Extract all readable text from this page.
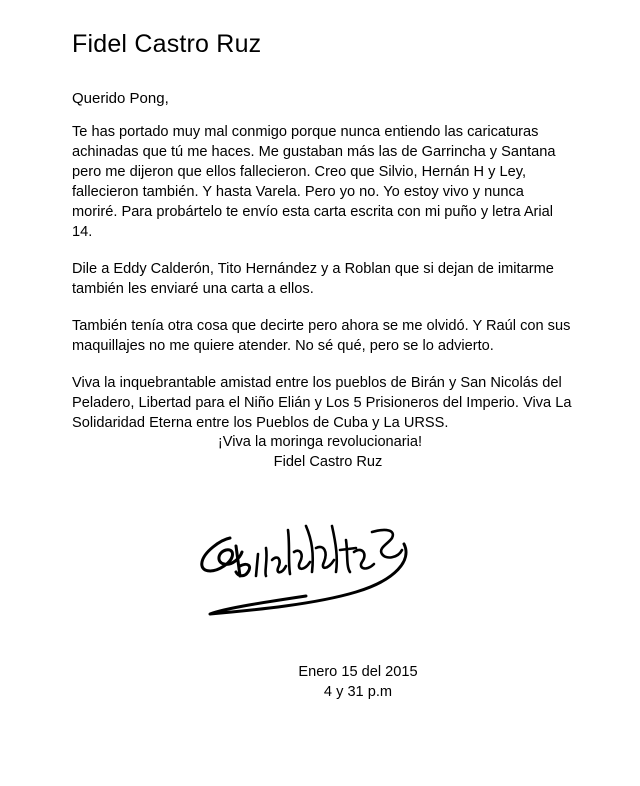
Fidel Castro Ruz
Querido Pong,

Te has portado muy mal conmigo porque nunca entiendo las caricaturas achinadas que tú me haces. Me gustaban más las de Garrincha y Santana pero me dijeron que ellos fallecieron. Creo que Silvio, Hernán H y Ley, fallecieron también. Y hasta Varela. Pero yo no. Yo estoy vivo y nunca moriré. Para probártelo te envío esta carta escrita con mi puño y letra Arial 14.

Dile a Eddy Calderón, Tito Hernández y a Roblan que si dejan de imitarme también les enviaré una carta a ellos.

También tenía otra cosa que decirte pero ahora se me olvidó. Y Raúl con sus maquillajes no me quiere atender. No sé qué, pero se lo advierto.

Viva la inquebrantable amistad entre los pueblos de Birán y San Nicolás del Peladero, Libertad para el Niño Elián y Los 5 Prisioneros del Imperio. Viva La Solidaridad Eterna entre los Pueblos de Cuba y La URSS.

¡Viva la moringa revolucionaria!
Fidel Castro Ruz
Enero 15 del 2015
4 y 31 p.m
